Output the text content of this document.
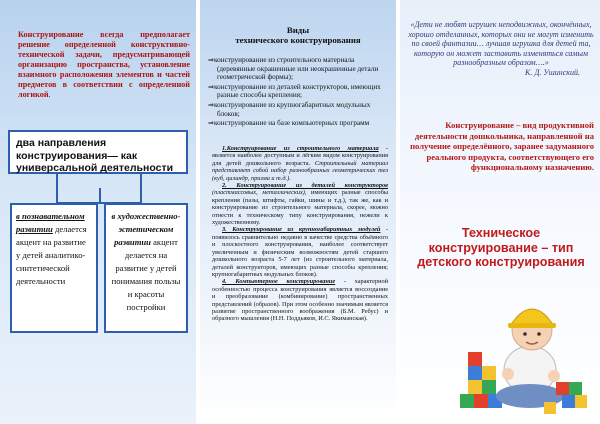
Конструирование всегда предполагает решение определенной конструктивно-технической задачи, предусматривающей организацию пространства, установление взаимного расположения элементов и частей предметов в соответствии с определенной логикой.
два направления конструирования— как универсальной деятельности
в познавательном развитии делается акцент на развитие у детей аналитико-синтетической деятельности
в художественно-эстетическом развитии акцент делается на развитие у детей понимания пользы и красоты постройки
Виды
технического конструирования
⇒конструирование из строительного материала (деревянные окрашенные или неокрашенные детали геометрической формы);
⇒конструирование из деталей конструкторов, имеющих разные способы крепления;
⇒конструирование из крупногабаритных модульных блоков;
⇒конструирование на базе компьютерных программ

1.Конструирование из строительного материала - является наиболее доступным и лёгким видом конструирования для детей дошкольного возраста. Строительный материал представляет собой набор разнообразных геометрических тел (куб, цилиндр, призма и т.д.).

2. Конструирование из деталей конструкторов (пластмассовых, металлических), имеющих разные способы крепления (пазы, штифты, гайки, шины и т.д.), так же, как и конструирование из строительного материала, скорее, можно отнести к техническому типу конструирования, нежели к художественному.

3. Конструирование из крупногабаритных модулей - появилось сравнительно недавно в качестве средства объёмного и плоскостного конструирования, наиболее соответствует увеличенным и физическим возможностям детей старшего дошкольного возраста 5-7 лет (из строительного материала, деталей конструкторов, имеющих разные способы крепления; крупногабаритных модульных блоков).

4. Компьютерное конструирование - характерной особенностью процесса конструирования является воссоздание и преобразование (комбинирование) пространственных представлений (образов). При этом особенно значимым является развитие пространственного воображения (Б.М. Ребус) и образного мышления (Н.Н. Поддьяков, И.С. Якиманская).

«Дети не любят игрушек неподвижных, окончённых, хорошо отделанных, которых они не могут изменить по своей фантазии… лучшая игрушка для детей та, которую он может заставить изменяться самым разнообразным образом….»
К. Д. Ушинский.
Конструирование – вид продуктивной деятельности дошкольника, направленной на получение определённого, заранее задуманного реального продукта, соответствующего его функциональному назначению.
Техническое конструирование – тип детского конструирования
